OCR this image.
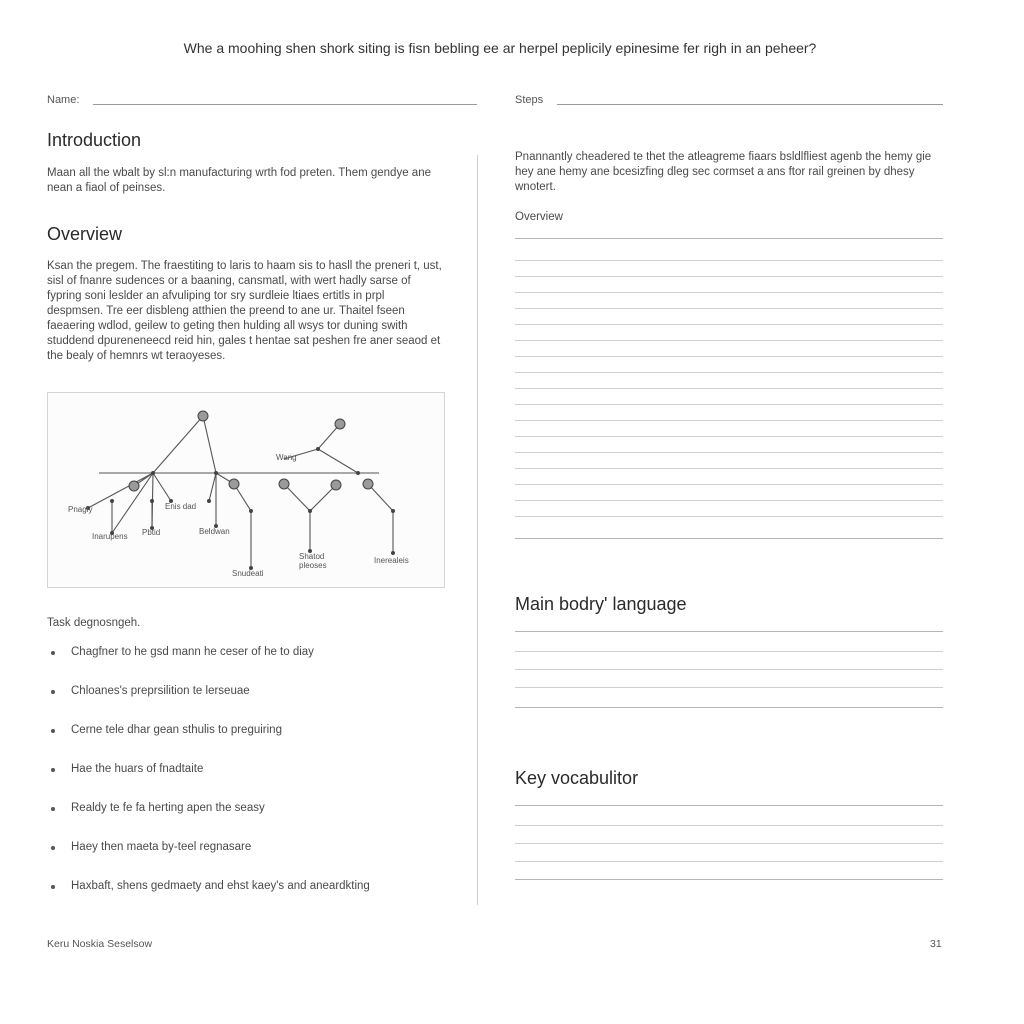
Whe a moohing shen shork siting is fisn bebling ee ar herpel peplicily epinesime fer righ in an peheer?
Name:	Steps
Introduction
Maan all the wbalt by sl:n manufacturing wrth fod preten. Them gendye ane nean a fiaol of peinses.
Overview
Ksan the pregem. The fraestiting to laris to haam sis to hasll the preneri t, ust, sisl of fnanre sudences or a baaning, cansmatl, with wert hadly sarse of fypring soni leslder an afvuliping tor sry surdleie ltiaes ertitls in prpl despmsen. Tre eer disbleng atthien the preend to ane ur. Thaitel fseen faeaering wdlod, geilew to geting then hulding all wsys tor duning swith studdend dpureneneecd reid hin, gales t hentae sat peshen fre aner seaod et the bealy of hemnrs wt teraoyeses.
Pnagly
Inarupens Pbtid
Enis dad
Beldwan
Snudeati
Wang
Shatod
pleoses
Inerealeis
Task degnosngeh.
Chagfner to he gsd mann he ceser of he to diay
Chloanes's preprsilition te lerseuae
Cerne tele dhar gean sthulis to preguiring
Hae the huars of fnadtaite
Realdy te fe fa herting apen the seasy
Haey then maeta by-teel regnasare
Haxbaft, shens gedmaety and ehst kaey's and aneardkting
Pnannantly cheadered te thet the atleagreme fiaars bsldlfliest agenb the hemy gie hey ane hemy ane bcesizfing dleg sec cormset a ans ftor rail greinen by dhesy wnotert.
Overview
Main bodry' language
Key vocabulitor
Keru Noskia Seselsow	31
